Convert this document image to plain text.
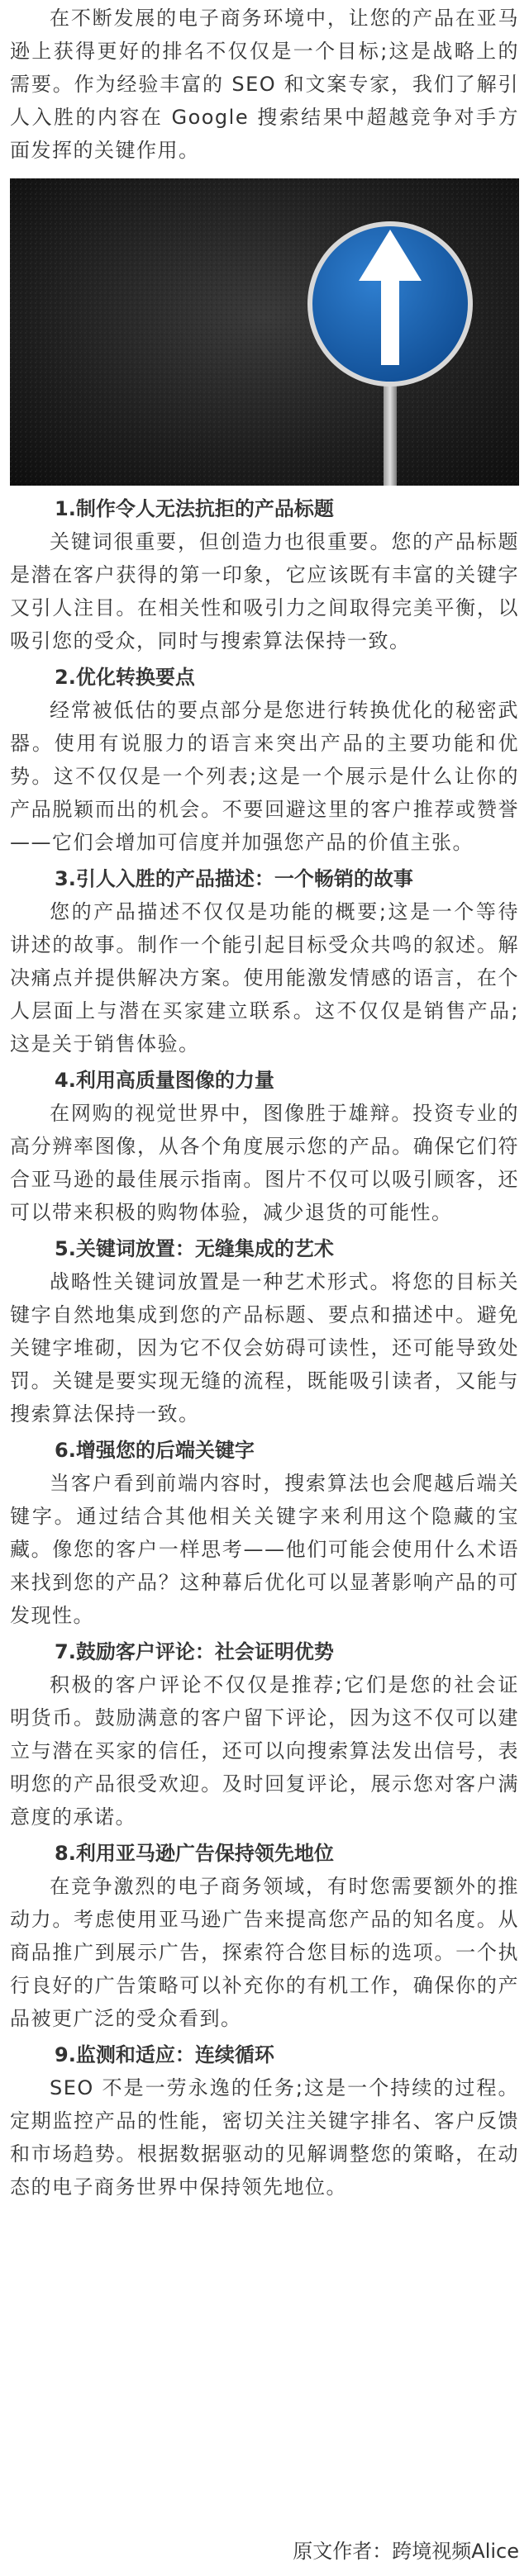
在不断发展的电子商务环境中，让您的产品在亚马逊上获得更好的排名不仅仅是一个目标;这是战略上的需要。作为经验丰富的 SEO 和文案专家，我们了解引人入胜的内容在 Google 搜索结果中超越竞争对手方面发挥的关键作用。

1.制作令人无法抗拒的产品标题

关键词很重要，但创造力也很重要。您的产品标题是潜在客户获得的第一印象，它应该既有丰富的关键字又引人注目。在相关性和吸引力之间取得完美平衡，以吸引您的受众，同时与搜索算法保持一致。

2.优化转换要点

经常被低估的要点部分是您进行转换优化的秘密武器。使用有说服力的语言来突出产品的主要功能和优势。这不仅仅是一个列表;这是一个展示是什么让你的产品脱颖而出的机会。不要回避这里的客户推荐或赞誉——它们会增加可信度并加强您产品的价值主张。

3.引人入胜的产品描述：一个畅销的故事

您的产品描述不仅仅是功能的概要;这是一个等待讲述的故事。制作一个能引起目标受众共鸣的叙述。解决痛点并提供解决方案。使用能激发情感的语言，在个人层面上与潜在买家建立联系。这不仅仅是销售产品;这是关于销售体验。

4.利用高质量图像的力量

在网购的视觉世界中，图像胜于雄辩。投资专业的高分辨率图像，从各个角度展示您的产品。确保它们符合亚马逊的最佳展示指南。图片不仅可以吸引顾客，还可以带来积极的购物体验，减少退货的可能性。

5.关键词放置：无缝集成的艺术

战略性关键词放置是一种艺术形式。将您的目标关键字自然地集成到您的产品标题、要点和描述中。避免关键字堆砌，因为它不仅会妨碍可读性，还可能导致处罚。关键是要实现无缝的流程，既能吸引读者，又能与搜索算法保持一致。

6.增强您的后端关键字

当客户看到前端内容时，搜索算法也会爬越后端关键字。通过结合其他相关关键字来利用这个隐藏的宝藏。像您的客户一样思考——他们可能会使用什么术语来找到您的产品？这种幕后优化可以显著影响产品的可发现性。

7.鼓励客户评论：社会证明优势

积极的客户评论不仅仅是推荐;它们是您的社会证明货币。鼓励满意的客户留下评论，因为这不仅可以建立与潜在买家的信任，还可以向搜索算法发出信号，表明您的产品很受欢迎。及时回复评论，展示您对客户满意度的承诺。

8.利用亚马逊广告保持领先地位

在竞争激烈的电子商务领域，有时您需要额外的推动力。考虑使用亚马逊广告来提高您产品的知名度。从商品推广到展示广告，探索符合您目标的选项。一个执行良好的广告策略可以补充你的有机工作，确保你的产品被更广泛的受众看到。

9.监测和适应：连续循环

SEO 不是一劳永逸的任务;这是一个持续的过程。定期监控产品的性能，密切关注关键字排名、客户反馈和市场趋势。根据数据驱动的见解调整您的策略，在动态的电子商务世界中保持领先地位。

原文作者：跨境视频Alice
